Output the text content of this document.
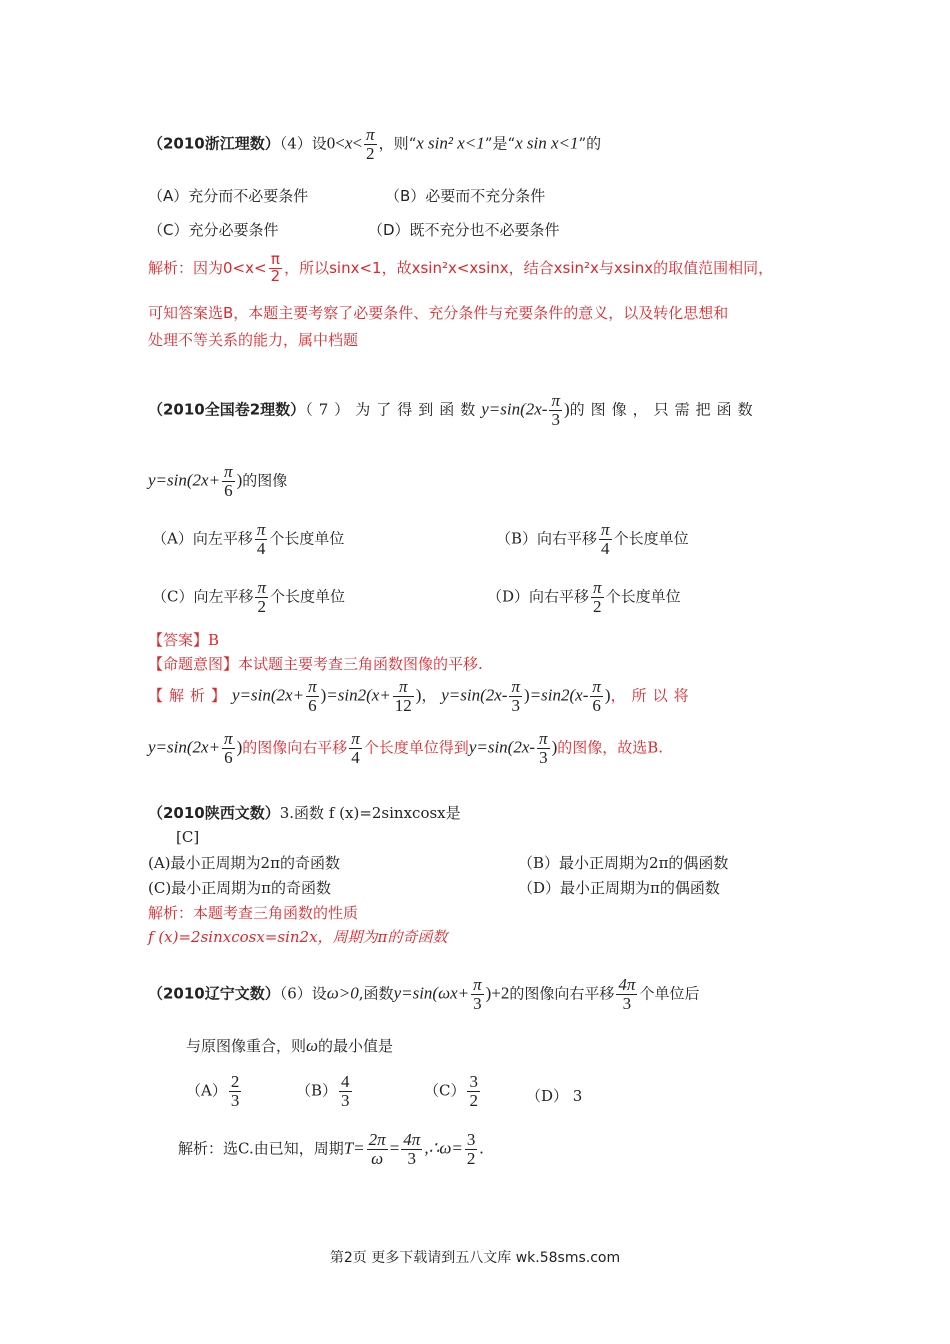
（2010浙江理数）（4）设$0<x< \frac{\pi}{2}$ ，则“x sin² x<1”是“x sin x<1”的
（A）充分而不必要条件	（B）必要而不充分条件
（C）充分必要条件	（D）既不充分也不必要条件
解析：因为$0<x< \frac{\pi}{2}$ ，所以sinx<1，故xsin²x<xsinx，结合xsin²x与xsinx的取值范围相同，
可知答案选B，本题主要考察了必要条件、充分条件与充要条件的意义，以及转化思想和
处理不等关系的能力，属中档题
（2010全国卷2理数）（7）为了得到函数$y=\sin(2x- \frac{\pi}{3}$ )的图像，只需把函数
$y=\sin(2x+ \frac{\pi}{6}$ )的图像
（A）向左平移 $\frac{\pi}{4}$ 个长度单位	（B）向右平移 $\frac{\pi}{4}$ 个长度单位
（C）向左平移 $\frac{\pi}{2}$ 个长度单位	（D）向右平移 $\frac{\pi}{2}$ 个长度单位
【答案】B
【命题意图】本试题主要考查三角函数图像的平移.
【解析】$y=\sin(2x+ \frac{\pi}{6} )=\sin 2(x+ \frac{\pi}{12}$ )， $y=\sin(2x- \frac{\pi}{3} )=\sin 2(x- \frac{\pi}{6}$ )，所以将
$y=\sin(2x+ \frac{\pi}{6}$ )的图像向右平移 $\frac{\pi}{4}$ 个长度单位得到$y=\sin(2x- \frac{\pi}{3}$ )的图像，故选B.
（2010陕西文数）3.函数 f (x)=2sinxcosx是
[C]
(A)最小正周期为2π的奇函数	（B）最小正周期为2π的偶函数
(C)最小正周期为π的奇函数	（D）最小正周期为π的偶函数
解析：本题考查三角函数的性质
f (x)=2sinxcosx=sin2x，周期为π的奇函数
（2010辽宁文数）（6）设ω>0,函数$y=\sin(\omega x+ \frac{\pi}{3} )+2$的图像向右平移 $\frac{4\pi}{3}$ 个单位后
与原图像重合，则ω的最小值是
$(A) \frac{2}{3}$	$(B) \frac{4}{3}$	$(C) \frac{3}{2}$	（D） 3
解析：选C.由已知，周期$T= \frac{2\pi}{\omega} = \frac{4\pi}{3}$ ,∴ω= $\frac{3}{2}$ .
第2页 更多下载请到五八文库 wk.58sms.com
